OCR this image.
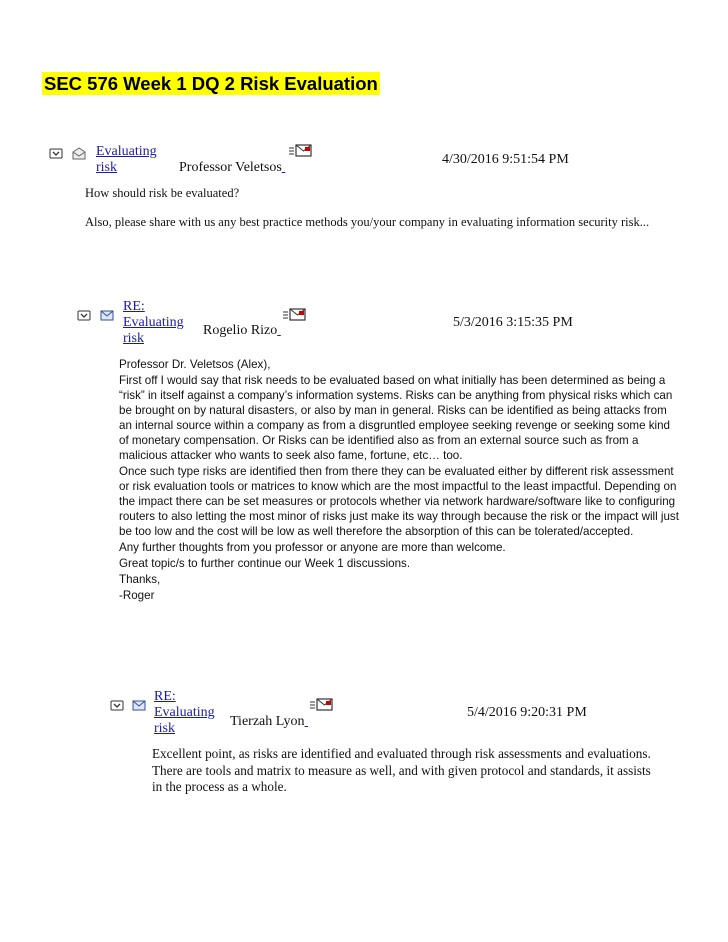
SEC 576 Week 1 DQ 2 Risk Evaluation
Evaluating
risk	Professor Veletsos
4/30/2016 9:51:54 PM

How should risk be evaluated?

Also, please share with us any best practice methods you/your company in evaluating information security risk...

RE:
Evaluating
risk
Rogelio Rizo
5/3/2016 3:15:35 PM

Professor Dr. Veletsos (Alex),

First off I would say that risk needs to be evaluated based on what initially has been determined as being a “risk” in itself against a company’s information systems. Risks can be anything from physical risks which can be brought on by natural disasters, or also by man in general. Risks can be identified as being attacks from an internal source within a company as from a disgruntled employee seeking revenge or seeking some kind of monetary compensation. Or Risks can be identified also as from an external source such as from a malicious attacker who wants to seek also fame, fortune, etc… too.

Once such type risks are identified then from there they can be evaluated either by different risk assessment or risk evaluation tools or matrices to know which are the most impactful to the least impactful. Depending on the impact there can be set measures or protocols whether via network hardware/software like to configuring routers to also letting the most minor of risks just make its way through because the risk or the impact will just be too low and the cost will be low as well therefore the absorption of this can be tolerated/accepted.

Any further thoughts from you professor or anyone are more than welcome.

Great topic/s to further continue our Week 1 discussions.

Thanks,

-Roger

RE:
Evaluating
risk	Tierzah Lyon
5/4/2016 9:20:31 PM

Excellent point, as risks are identified and evaluated through risk assessments and evaluations. There are tools and matrix to measure as well, and with given protocol and standards, it assists in the process as a whole.
